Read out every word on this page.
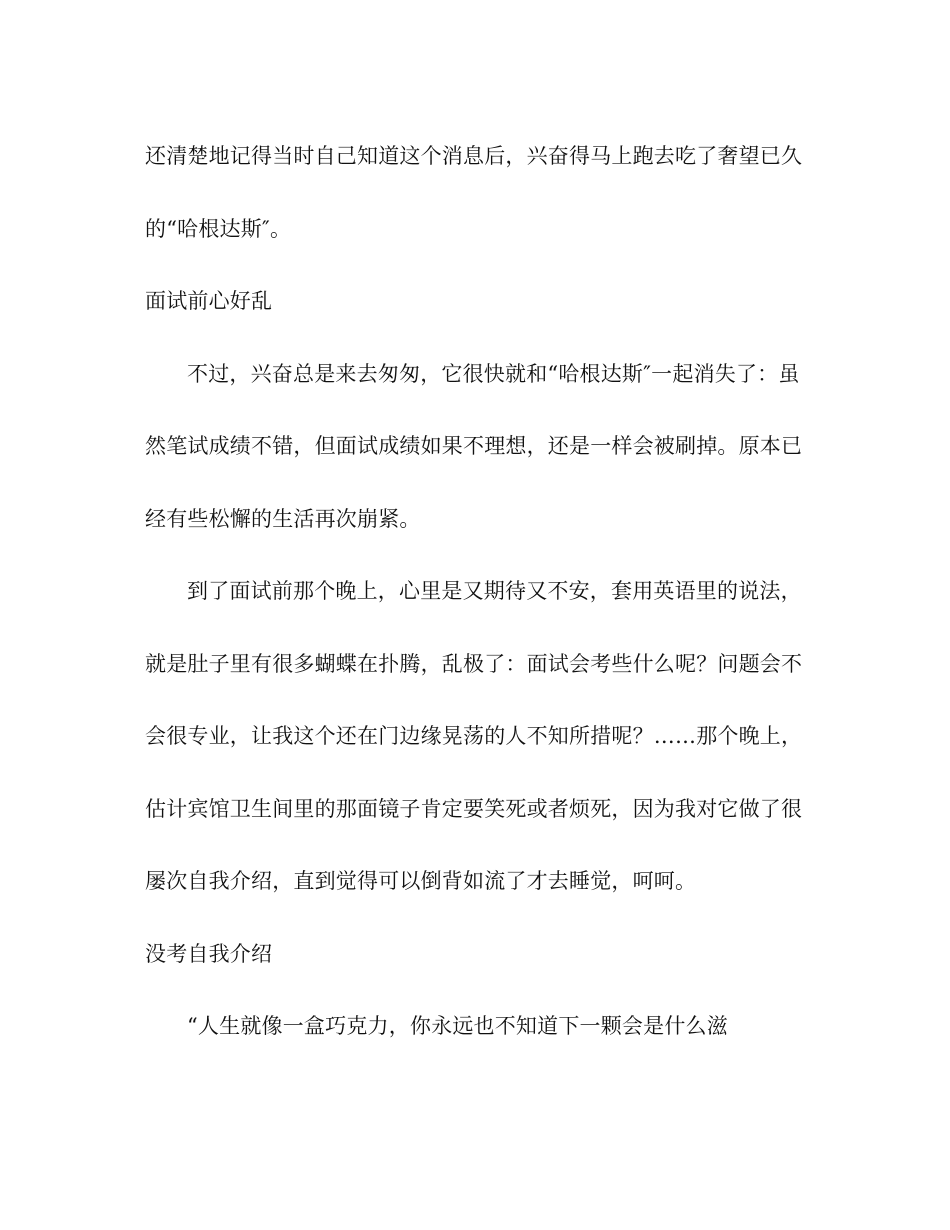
还清楚地记得当时自己知道这个消息后，兴奋得马上跑去吃了奢望已久的“哈根达斯″。

面试前心好乱

不过，兴奋总是来去匆匆，它很快就和“哈根达斯″一起消失了：虽然笔试成绩不错，但面试成绩如果不理想，还是一样会被刷掉。原本已经有些松懈的生活再次崩紧。

到了面试前那个晚上，心里是又期待又不安，套用英语里的说法，就是肚子里有很多蝴蝶在扑腾，乱极了：面试会考些什么呢？问题会不会很专业，让我这个还在门边缘晃荡的人不知所措呢？……那个晚上，估计宾馆卫生间里的那面镜子肯定要笑死或者烦死，因为我对它做了很屡次自我介绍，直到觉得可以倒背如流了才去睡觉，呵呵。

没考自我介绍

“人生就像一盒巧克力，你永远也不知道下一颗会是什么滋
